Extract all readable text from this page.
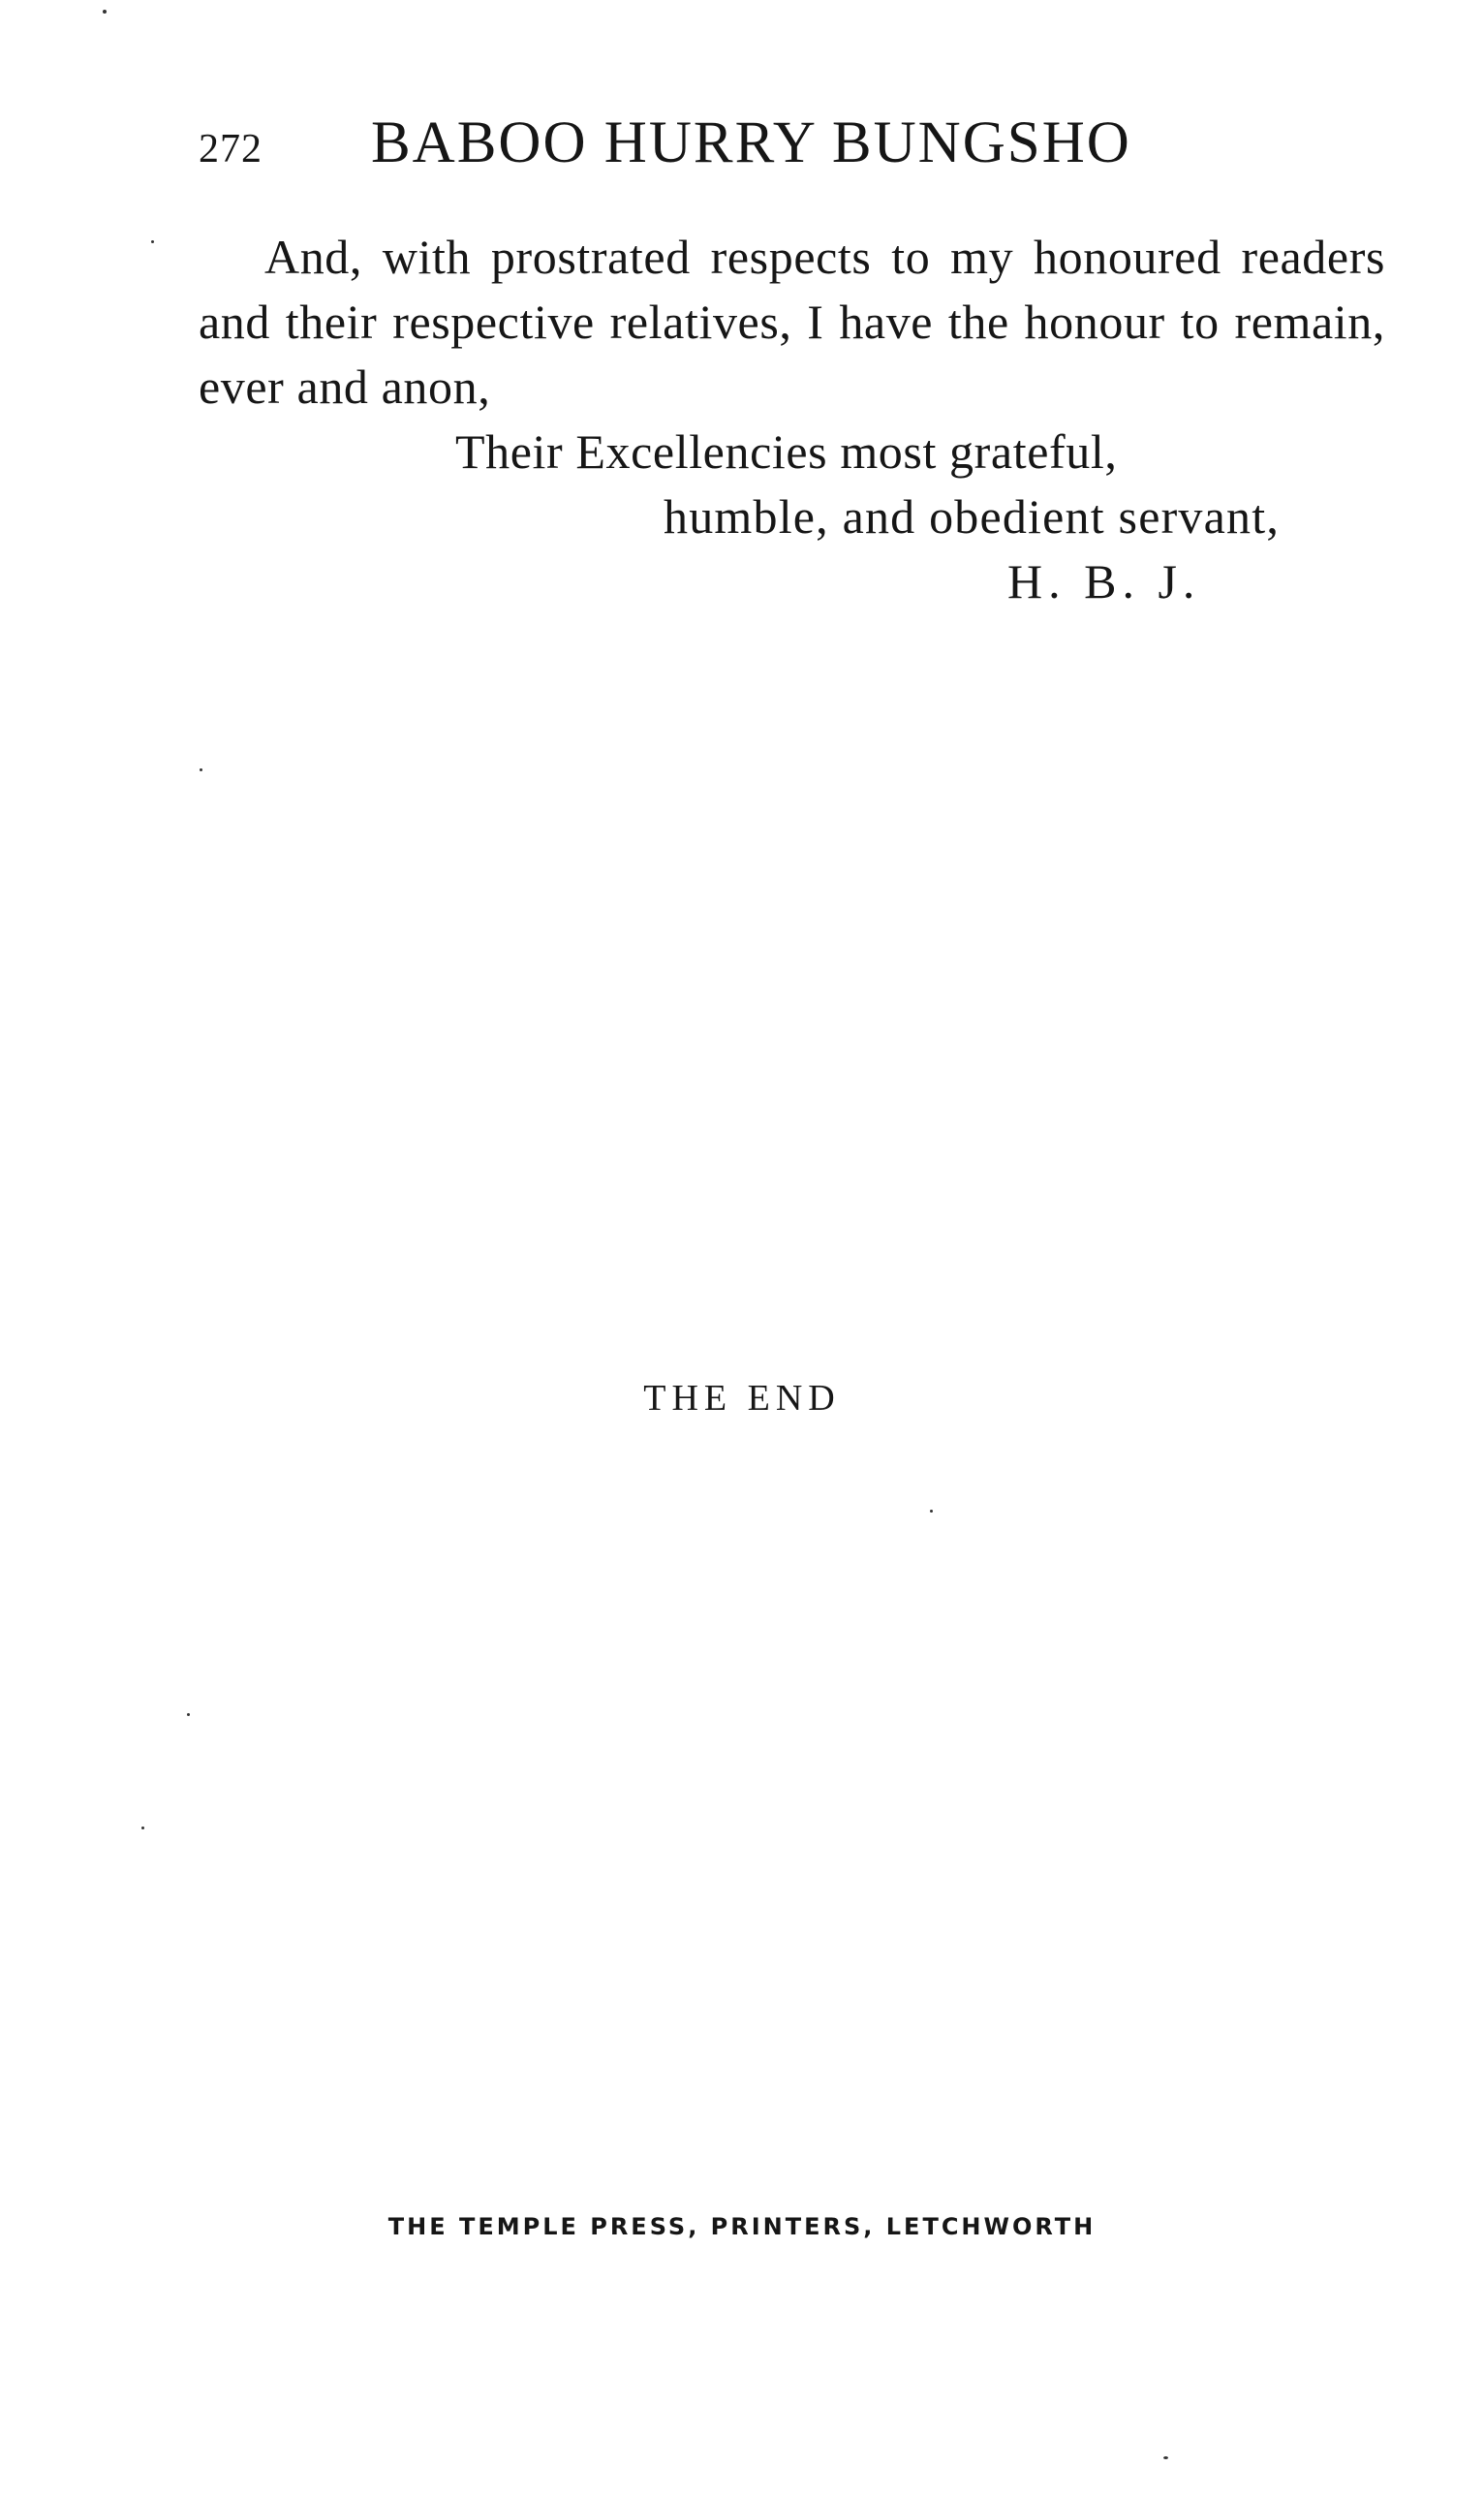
272 BABOO HURRY BUNGSHO

And, with prostrated respects to my honoured readers and their respective relatives, I have the honour to remain, ever and anon,

Their Excellencies most grateful,
humble, and obedient servant,
H. B. J.
THE END
THE TEMPLE PRESS, PRINTERS, LETCHWORTH
